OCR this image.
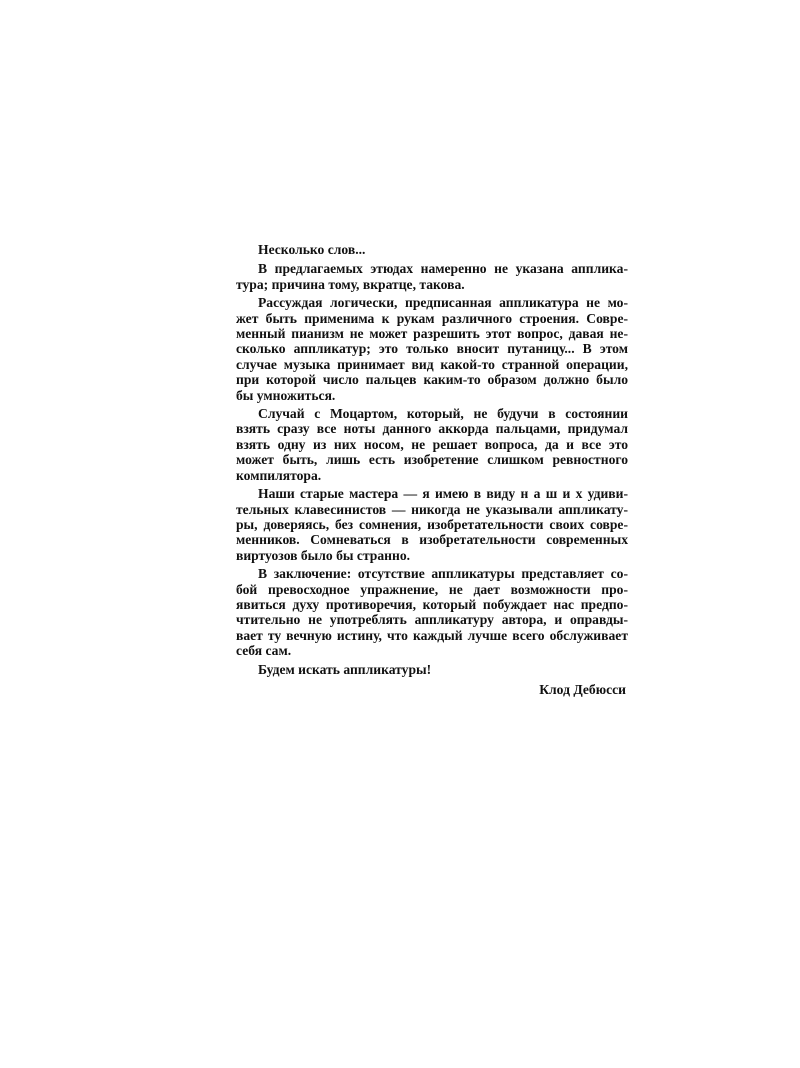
Несколько слов...

В предлагаемых этюдах намеренно не указана апплика-
тура; причина тому, вкратце, такова.
Рассуждая логически, предписанная аппликатура не мо-
жет быть применима к рукам различного строения. Совре-
менный пианизм не может разрешить этот вопрос, давая не-
сколько аппликатур; это только вносит путаницу... В этом
случае музыка принимает вид какой-то странной операции,
при которой число пальцев каким-то образом должно было
бы умножиться.
Случай с Моцартом, который, не будучи в состоянии
взять сразу все ноты данного аккорда пальцами, придумал
взять одну из них носом, не решает вопроса, да и все это
может быть, лишь есть изобретение слишком ревностного
компилятора.
Наши старые мастера — я имею в виду н а ш и х удиви-
тельных клавесинистов — никогда не указывали аппликату-
ры, доверяясь, без сомнения, изобретательности своих совре-
менников. Сомневаться в изобретательности современных
виртуозов было бы странно.
В заключение: отсутствие аппликатуры представляет со-
бой превосходное упражнение, не дает возможности про-
явиться духу противоречия, который побуждает нас предпо-
чтительно не употреблять аппликатуру автора, и оправды-
вает ту вечную истину, что каждый лучше всего обслуживает
себя сам.

Будем искать аппликатуры!

Клод Дебюсси
